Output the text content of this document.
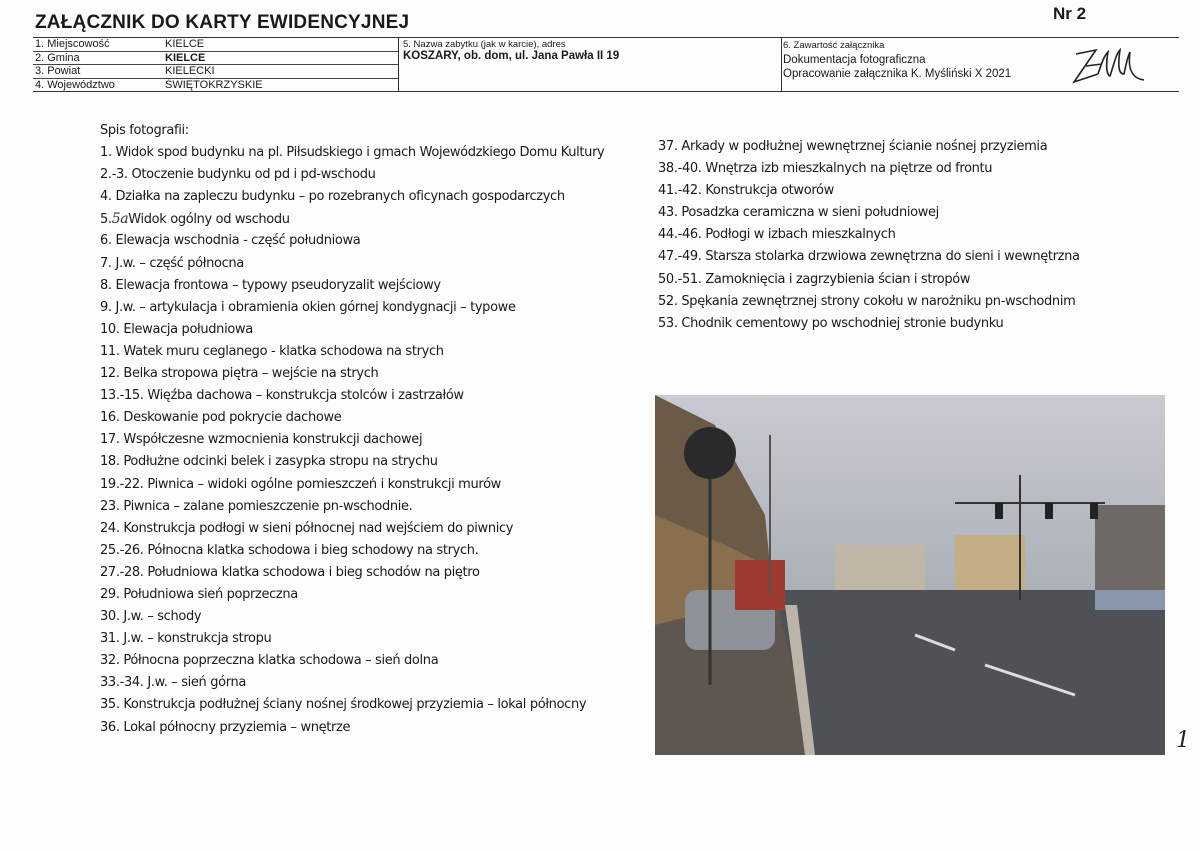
ZAŁĄCZNIK DO KARTY EWIDENCYJNEJ	Nr 2
1. Miejscowość	KIELCE
2. Gmina	KIELCE
3. Powiat	KIELECKI
4. Województwo	ŚWIĘTOKRZYSKIE
5. Nazwa zabytku (jak w karcie), adres
KOSZARY, ob. dom, ul. Jana Pawła II 19
6. Zawartość załącznika
Dokumentacja fotograficzna
Opracowanie załącznika K. Myśliński X 2021
Spis fotografii:
1. Widok spod budynku na pl. Piłsudskiego i gmach Wojewódzkiego Domu Kultury
2.-3. Otoczenie budynku od pd i pd-wschodu
4. Działka na zapleczu budynku – po rozebranych oficynach gospodarczych
5.5aWidok ogólny od wschodu
6. Elewacja wschodnia - część południowa
7. J.w. – część północna
8. Elewacja frontowa – typowy pseudoryzalit wejściowy
9. J.w. – artykulacja i obramienia okien górnej kondygnacji – typowe
10. Elewacja południowa
11. Watek muru ceglanego - klatka schodowa na strych
12. Belka stropowa piętra – wejście na strych
13.-15. Więźba dachowa – konstrukcja stolców i zastrzałów
16. Deskowanie pod pokrycie dachowe
17. Współczesne wzmocnienia konstrukcji dachowej
18. Podłużne odcinki belek i zasypka stropu na strychu
19.-22. Piwnica – widoki ogólne pomieszczeń i konstrukcji murów
23. Piwnica – zalane pomieszczenie pn-wschodnie.
24. Konstrukcja podłogi w sieni północnej nad wejściem do piwnicy
25.-26. Północna klatka schodowa i bieg schodowy na strych.
27.-28. Południowa klatka schodowa i bieg schodów na piętro
29. Południowa sień poprzeczna
30. J.w. – schody
31. J.w. – konstrukcja stropu
32. Północna poprzeczna klatka schodowa – sień dolna
33.-34. J.w. – sień górna
35. Konstrukcja podłużnej ściany nośnej środkowej przyziemia – lokal północny
36. Lokal północny przyziemia – wnętrze
37. Arkady w podłużnej wewnętrznej ścianie nośnej przyziemia
38.-40. Wnętrza izb mieszkalnych na piętrze od frontu
41.-42. Konstrukcja otworów
43. Posadzka ceramiczna w sieni południowej
44.-46. Podłogi w izbach mieszkalnych
47.-49. Starsza stolarka drzwiowa zewnętrzna do sieni i wewnętrzna
50.-51. Zamoknięcia i zagrzybienia ścian i stropów
52. Spękania zewnętrznej strony cokołu w narożniku pn-wschodnim
53. Chodnik cementowy po wschodniej stronie budynku
1
